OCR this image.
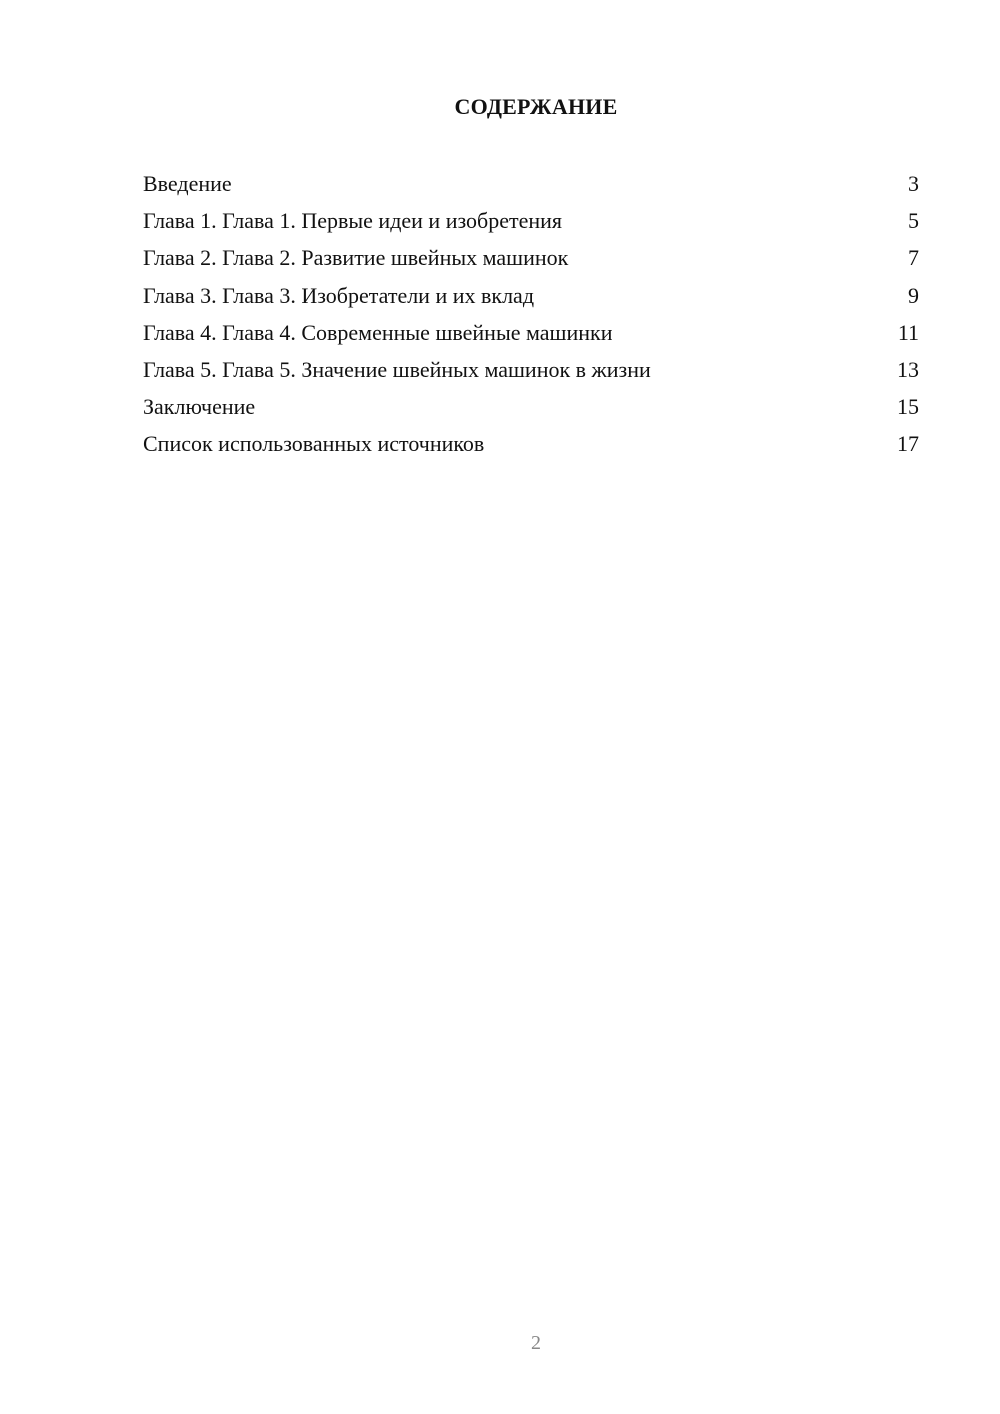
СОДЕРЖАНИЕ
Введение	3
Глава 1. Глава 1. Первые идеи и изобретения	5
Глава 2. Глава 2. Развитие швейных машинок	7
Глава 3. Глава 3. Изобретатели и их вклад	9
Глава 4. Глава 4. Современные швейные машинки	11
Глава 5. Глава 5. Значение швейных машинок в жизни	13
Заключение	15
Список использованных источников	17
2
